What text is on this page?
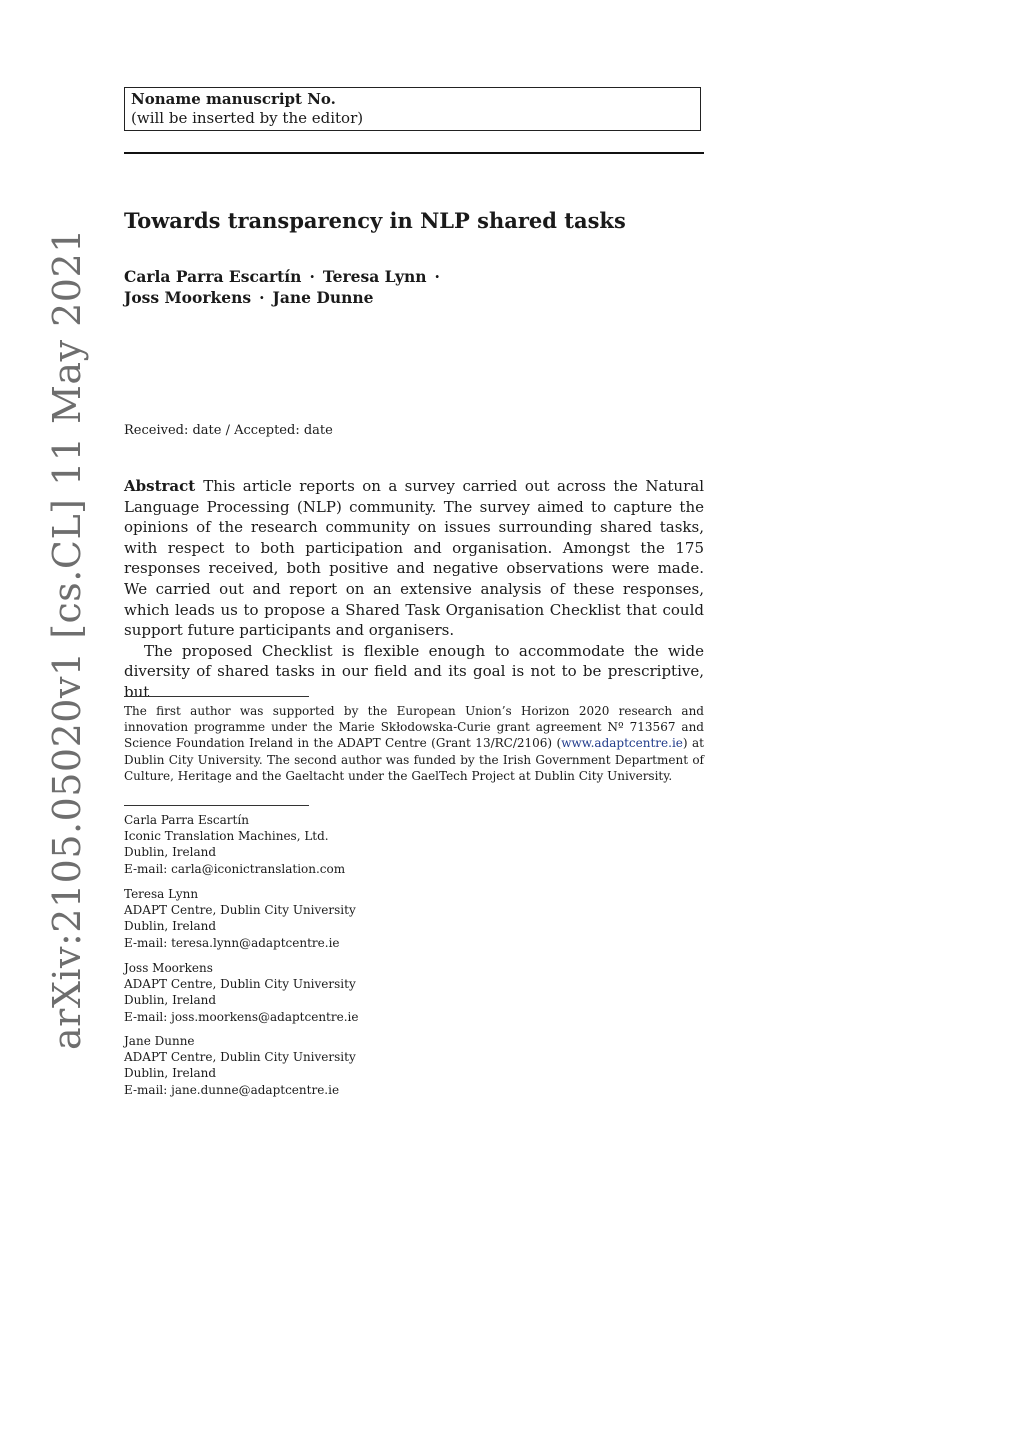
Noname manuscript No.
(will be inserted by the editor)
Towards transparency in NLP shared tasks
Carla Parra Escartín · Teresa Lynn ·
Joss Moorkens · Jane Dunne
Received: date / Accepted: date

Abstract This article reports on a survey carried out across the Natural Language Processing (NLP) community. The survey aimed to capture the opinions of the research community on issues surrounding shared tasks, with respect to both participation and organisation. Amongst the 175 responses received, both positive and negative observations were made. We carried out and report on an extensive analysis of these responses, which leads us to propose a Shared Task Organisation Checklist that could support future participants and organisers.

The proposed Checklist is flexible enough to accommodate the wide diversity of shared tasks in our field and its goal is not to be prescriptive, but

The first author was supported by the European Union’s Horizon 2020 research and innovation programme under the Marie Skłodowska-Curie grant agreement Nº 713567 and Science Foundation Ireland in the ADAPT Centre (Grant 13/RC/2106) (www.adaptcentre.ie) at Dublin City University. The second author was funded by the Irish Government Department of Culture, Heritage and the Gaeltacht under the GaelTech Project at Dublin City University.
Carla Parra Escartín
Iconic Translation Machines, Ltd.
Dublin, Ireland
E-mail: carla@iconictranslation.com
Teresa Lynn
ADAPT Centre, Dublin City University
Dublin, Ireland
E-mail: teresa.lynn@adaptcentre.ie
Joss Moorkens
ADAPT Centre, Dublin City University
Dublin, Ireland
E-mail: joss.moorkens@adaptcentre.ie
Jane Dunne
ADAPT Centre, Dublin City University
Dublin, Ireland
E-mail: jane.dunne@adaptcentre.ie
arXiv:2105.05020v1 [cs.CL] 11 May 2021
